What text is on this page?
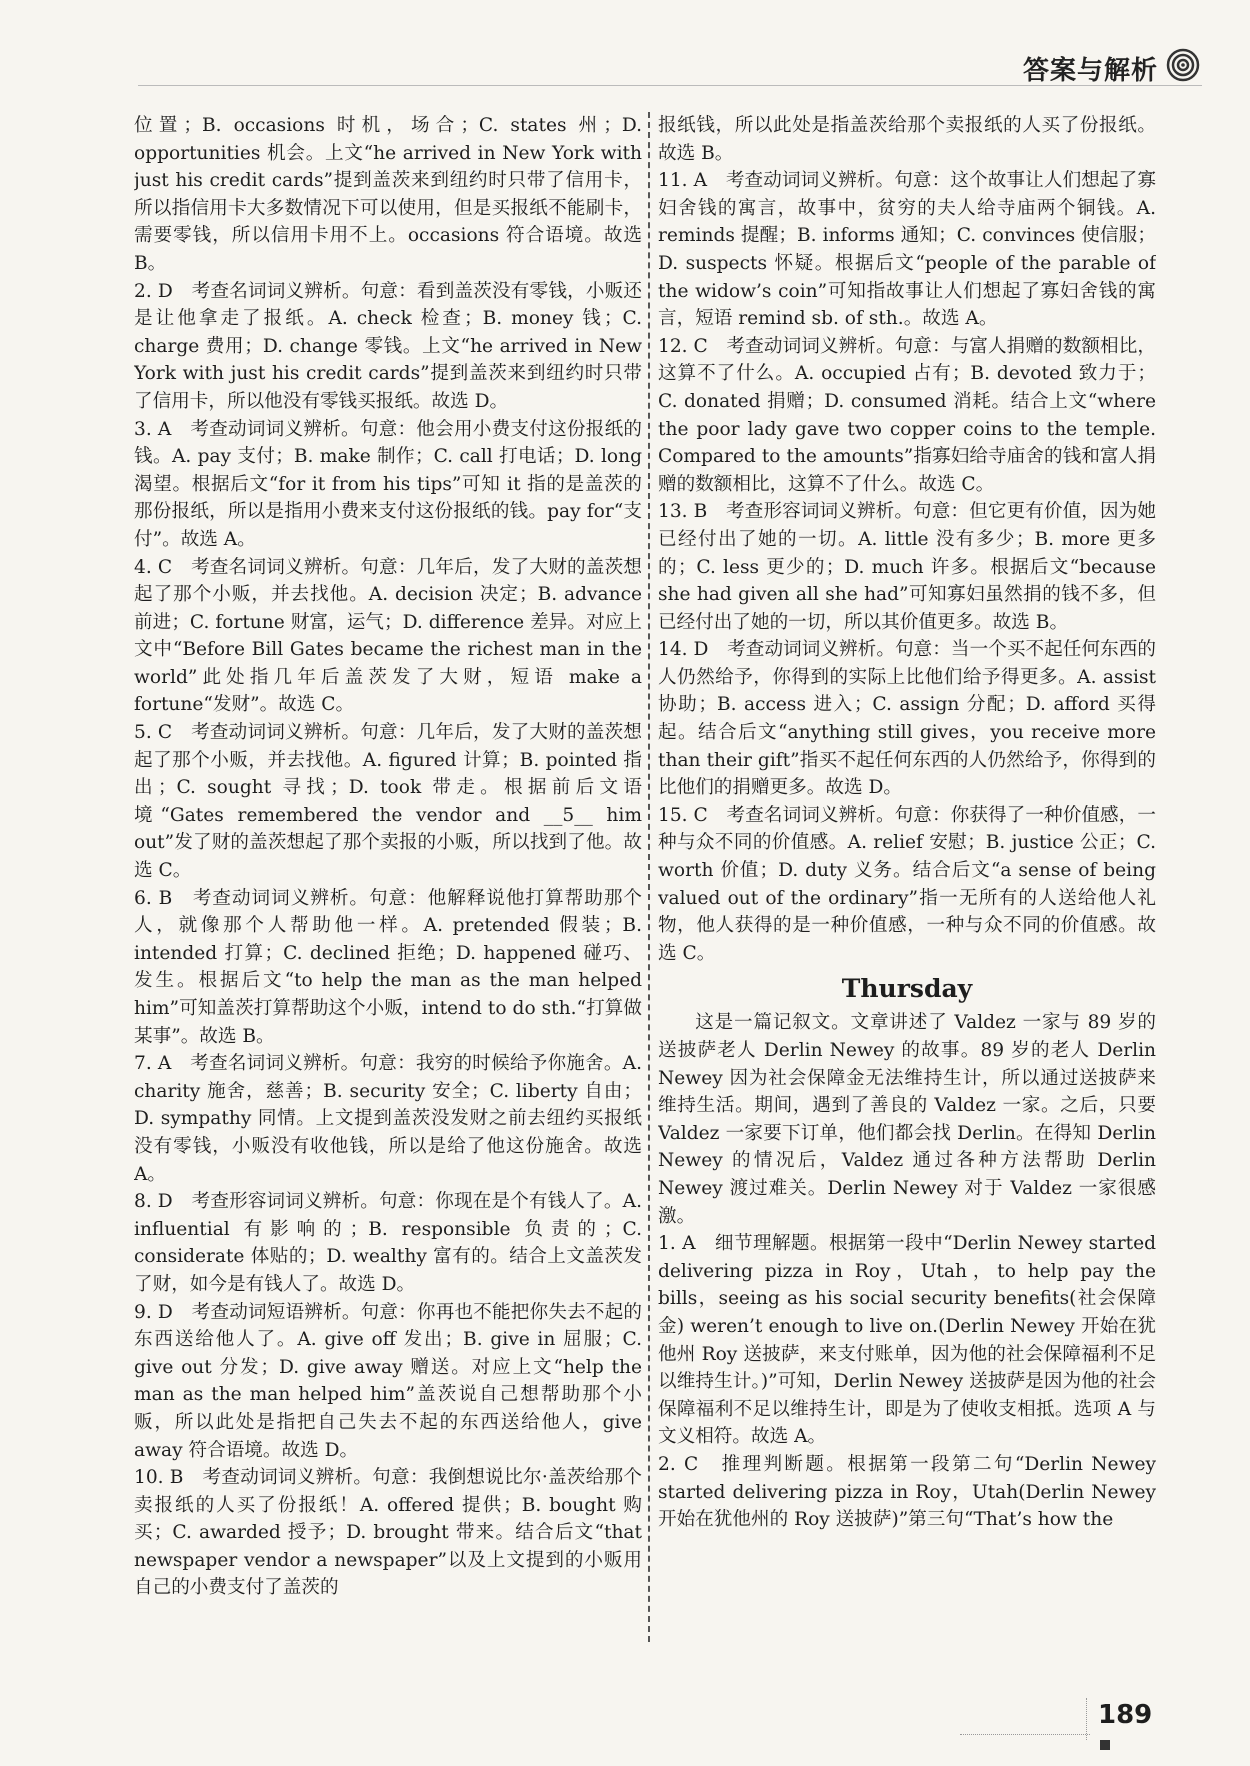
答案与解析

位置；B. occasions 时机，场合；C. states 州；D. opportunities 机会。上文“he arrived in New York with just his credit cards”提到盖茨来到纽约时只带了信用卡，所以指信用卡大多数情况下可以使用，但是买报纸不能刷卡，需要零钱，所以信用卡用不上。occasions 符合语境。故选 B。

2. D　考查名词词义辨析。句意：看到盖茨没有零钱，小贩还是让他拿走了报纸。A. check 检查；B. money 钱；C. charge 费用；D. change 零钱。上文“he arrived in New York with just his credit cards”提到盖茨来到纽约时只带了信用卡，所以他没有零钱买报纸。故选 D。

3. A　考查动词词义辨析。句意：他会用小费支付这份报纸的钱。A. pay 支付；B. make 制作；C. call 打电话；D. long 渴望。根据后文“for it from his tips”可知 it 指的是盖茨的那份报纸，所以是指用小费来支付这份报纸的钱。pay for“支付”。故选 A。

4. C　考查名词词义辨析。句意：几年后，发了大财的盖茨想起了那个小贩，并去找他。A. decision 决定；B. advance 前进；C. fortune 财富，运气；D. difference 差异。对应上文中“Before Bill Gates became the richest man in the world”此处指几年后盖茨发了大财，短语 make a fortune“发财”。故选 C。

5. C　考查动词词义辨析。句意：几年后，发了大财的盖茨想起了那个小贩，并去找他。A. figured 计算；B. pointed 指出；C. sought 寻找；D. took 带走。根据前后文语境“Gates remembered the vendor and __5__ him out”发了财的盖茨想起了那个卖报的小贩，所以找到了他。故选 C。

6. B　考查动词词义辨析。句意：他解释说他打算帮助那个人，就像那个人帮助他一样。A. pretended 假装；B. intended 打算；C. declined 拒绝；D. happened 碰巧、发生。根据后文“to help the man as the man helped him”可知盖茨打算帮助这个小贩，intend to do sth.“打算做某事”。故选 B。

7. A　考查名词词义辨析。句意：我穷的时候给予你施舍。A. charity 施舍，慈善；B. security 安全；C. liberty 自由；D. sympathy 同情。上文提到盖茨没发财之前去纽约买报纸没有零钱，小贩没有收他钱，所以是给了他这份施舍。故选 A。

8. D　考查形容词词义辨析。句意：你现在是个有钱人了。A. influential 有影响的；B. responsible 负责的；C. considerate 体贴的；D. wealthy 富有的。结合上文盖茨发了财，如今是有钱人了。故选 D。

9. D　考查动词短语辨析。句意：你再也不能把你失去不起的东西送给他人了。A. give off 发出；B. give in 屈服；C. give out 分发；D. give away 赠送。对应上文“help the man as the man helped him”盖茨说自己想帮助那个小贩，所以此处是指把自己失去不起的东西送给他人，give away 符合语境。故选 D。

10. B　考查动词词义辨析。句意：我倒想说比尔·盖茨给那个卖报纸的人买了份报纸！A. offered 提供；B. bought 购买；C. awarded 授予；D. brought 带来。结合后文“that newspaper vendor a newspaper”以及上文提到的小贩用自己的小费支付了盖茨的

报纸钱，所以此处是指盖茨给那个卖报纸的人买了份报纸。故选 B。

11. A　考查动词词义辨析。句意：这个故事让人们想起了寡妇舍钱的寓言，故事中，贫穷的夫人给寺庙两个铜钱。A. reminds 提醒；B. informs 通知；C. convinces 使信服；D. suspects 怀疑。根据后文“people of the parable of the widow’s coin”可知指故事让人们想起了寡妇舍钱的寓言，短语 remind sb. of sth.。故选 A。

12. C　考查动词词义辨析。句意：与富人捐赠的数额相比，这算不了什么。A. occupied 占有；B. devoted 致力于；C. donated 捐赠；D. consumed 消耗。结合上文“where the poor lady gave two copper coins to the temple. Compared to the amounts”指寡妇给寺庙舍的钱和富人捐赠的数额相比，这算不了什么。故选 C。

13. B　考查形容词词义辨析。句意：但它更有价值，因为她已经付出了她的一切。A. little 没有多少；B. more 更多的；C. less 更少的；D. much 许多。根据后文“because she had given all she had”可知寡妇虽然捐的钱不多，但已经付出了她的一切，所以其价值更多。故选 B。

14. D　考查动词词义辨析。句意：当一个买不起任何东西的人仍然给予，你得到的实际上比他们给予得更多。A. assist 协助；B. access 进入；C. assign 分配；D. afford 买得起。结合后文“anything still gives，you receive more than their gift”指买不起任何东西的人仍然给予，你得到的比他们的捐赠更多。故选 D。

15. C　考查名词词义辨析。句意：你获得了一种价值感，一种与众不同的价值感。A. relief 安慰；B. justice 公正；C. worth 价值；D. duty 义务。结合后文“a sense of being valued out of the ordinary”指一无所有的人送给他人礼物，他人获得的是一种价值感，一种与众不同的价值感。故选 C。

Thursday

这是一篇记叙文。文章讲述了 Valdez 一家与 89 岁的送披萨老人 Derlin Newey 的故事。89 岁的老人 Derlin Newey 因为社会保障金无法维持生计，所以通过送披萨来维持生活。期间，遇到了善良的 Valdez 一家。之后，只要 Valdez 一家要下订单，他们都会找 Derlin。在得知 Derlin Newey 的情况后，Valdez 通过各种方法帮助 Derlin Newey 渡过难关。Derlin Newey 对于 Valdez 一家很感激。

1. A　细节理解题。根据第一段中“Derlin Newey started delivering pizza in Roy，Utah，to help pay the bills，seeing as his social security benefits(社会保障金) weren’t enough to live on.(Derlin Newey 开始在犹他州 Roy 送披萨，来支付账单，因为他的社会保障福利不足以维持生计。)”可知，Derlin Newey 送披萨是因为他的社会保障福利不足以维持生计，即是为了使收支相抵。选项 A 与文义相符。故选 A。

2. C　推理判断题。根据第一段第二句“Derlin Newey started delivering pizza in Roy，Utah(Derlin Newey 开始在犹他州的 Roy 送披萨)”第三句“That’s how the

189
